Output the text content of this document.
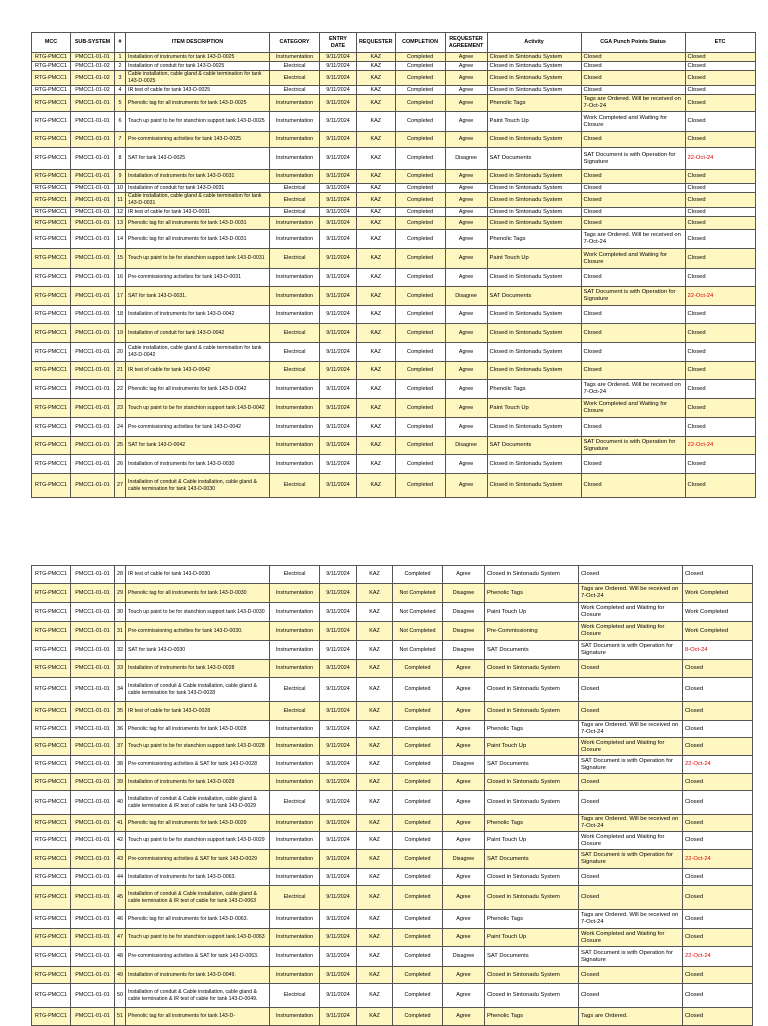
MCC	SUB-SYSTEM	#	ITEM DESCRIPTION	CATEGORY	ENTRY DATE	REQUESTER	COMPLETION	REQUESTER AGREEMENT	Activity	CGA Punch Points Status	ETC
RTG-PMCC1	PMCC1-01-01	1	Installation of instruments for tank 143-D-0025	Instrumentation	9/11/2024	KAZ	Completed	Agree	Closed in Sintonadu System	Closed	Closed
RTG-PMCC1	PMCC1-01-02	2	Installation of conduit for tank 143-D-0025	Electrical	9/11/2024	KAZ	Completed	Agree	Closed in Sintonadu System	Closed	Closed
RTG-PMCC1	PMCC1-01-02	3	Cable installation, cable gland & cable termination for tank 143-D-0025	Electrical	9/11/2024	KAZ	Completed	Agree	Closed in Sintonadu System	Closed	Closed
RTG-PMCC1	PMCC1-01-02	4	IR test of cable for tank 143-D-0025	Electrical	9/11/2024	KAZ	Completed	Agree	Closed in Sintonadu System	Closed	Closed
RTG-PMCC1	PMCC1-01-01	5	Phenolic tag for all instruments for tank 143-D-0025	Instrumentation	9/11/2024	KAZ	Completed	Agree	Phenolic Tags	Tags are Ordered. Will be received on 7-Oct-24	Closed
RTG-PMCC1	PMCC1-01-01	6	Touch up paint to be for stanchion support tank 143-D-0025	Instrumentation	9/11/2024	KAZ	Completed	Agree	Paint Touch Up	Work Completed and Waiting for Closure	Closed
RTG-PMCC1	PMCC1-01-01	7	Pre-commissioning activities for tank 143-D-0025	Instrumentation	9/11/2024	KAZ	Completed	Agree	Closed in Sintonadu System	Closed	Closed
RTG-PMCC1	PMCC1-01-01	8	SAT for tank 143-D-0025	Instrumentation	9/11/2024	KAZ	Completed	Disagree	SAT Documents	SAT Document is with Operation for Signature	22-Oct-24
RTG-PMCC1	PMCC1-01-01	9	Installation of instruments for tank 143-D-0031	Instrumentation	9/11/2024	KAZ	Completed	Agree	Closed in Sintonadu System	Closed	Closed
RTG-PMCC1	PMCC1-01-01	10	Installation of conduit for tank 143-D-0031	Electrical	9/11/2024	KAZ	Completed	Agree	Closed in Sintonadu System	Closed	Closed
RTG-PMCC1	PMCC1-01-01	11	Cable installation, cable gland & cable termination for tank 143-D-0031	Electrical	9/11/2024	KAZ	Completed	Agree	Closed in Sintonadu System	Closed	Closed
RTG-PMCC1	PMCC1-01-01	12	IR test of cable for tank 143-D-0031	Electrical	9/11/2024	KAZ	Completed	Agree	Closed in Sintonadu System	Closed	Closed
RTG-PMCC1	PMCC1-01-01	13	Phenolic tag for all instruments for tank 143-D-0031	Instrumentation	9/11/2024	KAZ	Completed	Agree	Closed in Sintonadu System	Closed	Closed
RTG-PMCC1	PMCC1-01-01	14	Phenolic tag for all instruments for tank 143-D-0031	Instrumentation	9/11/2024	KAZ	Completed	Agree	Phenolic Tags	Tags are Ordered. Will be received on 7-Oct-24	Closed
RTG-PMCC1	PMCC1-01-01	15	Touch up paint to be for stanchion support tank 143-D-0031	Electrical	9/11/2024	KAZ	Completed	Agree	Paint Touch Up	Work Completed and Waiting for Closure	Closed
RTG-PMCC1	PMCC1-01-01	16	Pre-commissioning activities for tank 143-D-0031	Instrumentation	9/11/2024	KAZ	Completed	Agree	Closed in Sintonadu System	Closed	Closed
RTG-PMCC1	PMCC1-01-01	17	SAT for tank 143-D-0031.	Instrumentation	9/11/2024	KAZ	Completed	Disagree	SAT Documents	SAT Document is with Operation for Signature	22-Oct-24
RTG-PMCC1	PMCC1-01-01	18	Installation of instruments for tank 143-D-0042	Instrumentation	9/11/2024	KAZ	Completed	Agree	Closed in Sintonadu System	Closed	Closed
RTG-PMCC1	PMCC1-01-01	19	Installation of conduit for tank 143-D-0042	Electrical	9/11/2024	KAZ	Completed	Agree	Closed in Sintonadu System	Closed	Closed
RTG-PMCC1	PMCC1-01-01	20	Cable installation, cable gland & cable termination for tank 143-D-0042	Electrical	9/11/2024	KAZ	Completed	Agree	Closed in Sintonadu System	Closed	Closed
RTG-PMCC1	PMCC1-01-01	21	IR test of cable for tank 143-D-0042	Electrical	9/11/2024	KAZ	Completed	Agree	Closed in Sintonadu System	Closed	Closed
RTG-PMCC1	PMCC1-01-01	22	Phenolic tag for all instruments for tank 143-D-0042	Instrumentation	9/11/2024	KAZ	Completed	Agree	Phenolic Tags	Tags are Ordered. Will be received on 7-Oct-24	Closed
RTG-PMCC1	PMCC1-01-01	23	Touch up paint to be for stanchion support tank 143-D-0042	Instrumentation	9/11/2024	KAZ	Completed	Agree	Paint Touch Up	Work Completed and Waiting for Closure	Closed
RTG-PMCC1	PMCC1-01-01	24	Pre-commissioning activities for tank 143-D-0042	Instrumentation	9/11/2024	KAZ	Completed	Agree	Closed in Sintonadu System	Closed	Closed
RTG-PMCC1	PMCC1-01-01	25	SAT for tank 143-D-0042	Instrumentation	9/11/2024	KAZ	Completed	Disagree	SAT Documents	SAT Document is with Operation for Signature	22-Oct-24
RTG-PMCC1	PMCC1-01-01	26	Installation of instruments for tank 143-D-0030	Instrumentation	9/11/2024	KAZ	Completed	Agree	Closed in Sintonadu System	Closed	Closed
RTG-PMCC1	PMCC1-01-01	27	Installation of conduit & Cable installation, cable gland & cable termination for tank 143-D-0030	Electrical	9/11/2024	KAZ	Completed	Agree	Closed in Sintonadu System	Closed	Closed
RTG-PMCC1	PMCC1-01-01	28	IR test of cable for tank 143-D-0030	Electrical	9/11/2024	KAZ	Completed	Agree	Closed in Sintonadu System	Closed	Closed
RTG-PMCC1	PMCC1-01-01	29	Phenolic tag for all instruments for tank 143-D-0030	Instrumentation	9/11/2024	KAZ	Not Completed	Disagree	Phenolic Tags	Tags are Ordered. Will be received on 7-Oct-24	Work Completed
RTG-PMCC1	PMCC1-01-01	30	Touch up paint to be for stanchion support tank 143-D-0030	Instrumentation	9/11/2024	KAZ	Not Completed	Disagree	Paint Touch Up	Work Completed and Waiting for Closure	Work Completed
RTG-PMCC1	PMCC1-01-01	31	Pre-commissioning activities for tank 143-D-0030.	Instrumentation	9/11/2024	KAZ	Not Completed	Disagree	Pre-Commissioning	Work Completed and Waiting for Closure	Work Completed
RTG-PMCC1	PMCC1-01-01	32	SAT for tank 143-D-0030	Instrumentation	9/11/2024	KAZ	Not Completed	Disagree	SAT Documents	SAT Document is with Operation for Signature	8-Oct-24
RTG-PMCC1	PMCC1-01-01	33	Installation of instruments for tank 143-D-0028	Instrumentation	9/11/2024	KAZ	Completed	Agree	Closed in Sintonadu System	Closed	Closed
RTG-PMCC1	PMCC1-01-01	34	Installation of conduit & Cable installation, cable gland & cable termination for tank 143-D-0028	Electrical	9/11/2024	KAZ	Completed	Agree	Closed in Sintonadu System	Closed	Closed
RTG-PMCC1	PMCC1-01-01	35	IR test of cable for tank 143-D-0028	Electrical	9/11/2024	KAZ	Completed	Agree	Closed in Sintonadu System	Closed	Closed
RTG-PMCC1	PMCC1-01-01	36	Phenolic tag for all instruments for tank 143-D-0028	Instrumentation	9/11/2024	KAZ	Completed	Agree	Phenolic Tags	Tags are Ordered. Will be received on 7-Oct-24	Closed
RTG-PMCC1	PMCC1-01-01	37	Touch up paint to be for stanchion support tank 143-D-0028	Instrumentation	9/11/2024	KAZ	Completed	Agree	Paint Touch Up	Work Completed and Waiting for Closure	Closed
RTG-PMCC1	PMCC1-01-01	38	Pre-commissioning activities & SAT for tank 143-D-0028	Instrumentation	9/11/2024	KAZ	Completed	Disagree	SAT Documents	SAT Document is with Operation for Signature	22-Oct-24
RTG-PMCC1	PMCC1-01-01	39	Installation of instruments for tank 143-D-0029	Instrumentation	9/11/2024	KAZ	Completed	Agree	Closed in Sintonadu System	Closed	Closed
RTG-PMCC1	PMCC1-01-01	40	Installation of conduit & Cable installation, cable gland & cable termination & IR test of cable for tank 143-D-0029	Electrical	9/11/2024	KAZ	Completed	Agree	Closed in Sintonadu System	Closed	Closed
RTG-PMCC1	PMCC1-01-01	41	Phenolic tag for all instruments for tank 143-D-0029	Instrumentation	9/11/2024	KAZ	Completed	Agree	Phenolic Tags	Tags are Ordered. Will be received on 7-Oct-24	Closed
RTG-PMCC1	PMCC1-01-01	42	Touch up paint to be for stanchion support tank 143-D-0029	Instrumentation	9/11/2024	KAZ	Completed	Agree	Paint Touch Up	Work Completed and Waiting for Closure	Closed
RTG-PMCC1	PMCC1-01-01	43	Pre-commissioning activities & SAT for tank 143-D-0029	Instrumentation	9/11/2024	KAZ	Completed	Disagree	SAT Documents	SAT Document is with Operation for Signature	22-Oct-24
RTG-PMCC1	PMCC1-01-01	44	Installation of instruments for tank 143-D-0063.	Instrumentation	9/11/2024	KAZ	Completed	Agree	Closed in Sintonadu System	Closed	Closed
RTG-PMCC1	PMCC1-01-01	45	Installation of conduit & Cable installation, cable gland & cable termination & IR test of cable for tank 143-D-0063	Electrical	9/11/2024	KAZ	Completed	Agree	Closed in Sintonadu System	Closed	Closed
RTG-PMCC1	PMCC1-01-01	46	Phenolic tag for all instruments for tank 143-D-0063.	Instrumentation	9/11/2024	KAZ	Completed	Agree	Phenolic Tags	Tags are Ordered. Will be received on 7-Oct-24	Closed
RTG-PMCC1	PMCC1-01-01	47	Touch up paint to be for stanchion support tank 143-D-0063	Instrumentation	9/11/2024	KAZ	Completed	Agree	Paint Touch Up	Work Completed and Waiting for Closure	Closed
RTG-PMCC1	PMCC1-01-01	48	Pre-commissioning activities & SAT for tank 143-D-0063.	Instrumentation	9/11/2024	KAZ	Completed	Disagree	SAT Documents	SAT Document is with Operation for Signature	22-Oct-24
RTG-PMCC1	PMCC1-01-01	49	Installation of instruments for tank 143-D-0049.	Instrumentation	9/11/2024	KAZ	Completed	Agree	Closed in Sintonadu System	Closed	Closed
RTG-PMCC1	PMCC1-01-01	50	Installation of conduit & Cable installation, cable gland & cable termination & IR test of cable for tank 143-D-0049.	Electrical	9/11/2024	KAZ	Completed	Agree	Closed in Sintonadu System	Closed	Closed
RTG-PMCC1	PMCC1-01-01	51	Phenolic tag for all instruments for tank 143-D-	Instrumentation	9/11/2024	KAZ	Completed	Agree	Phenolic Tags	Tags are Ordered.	Closed
